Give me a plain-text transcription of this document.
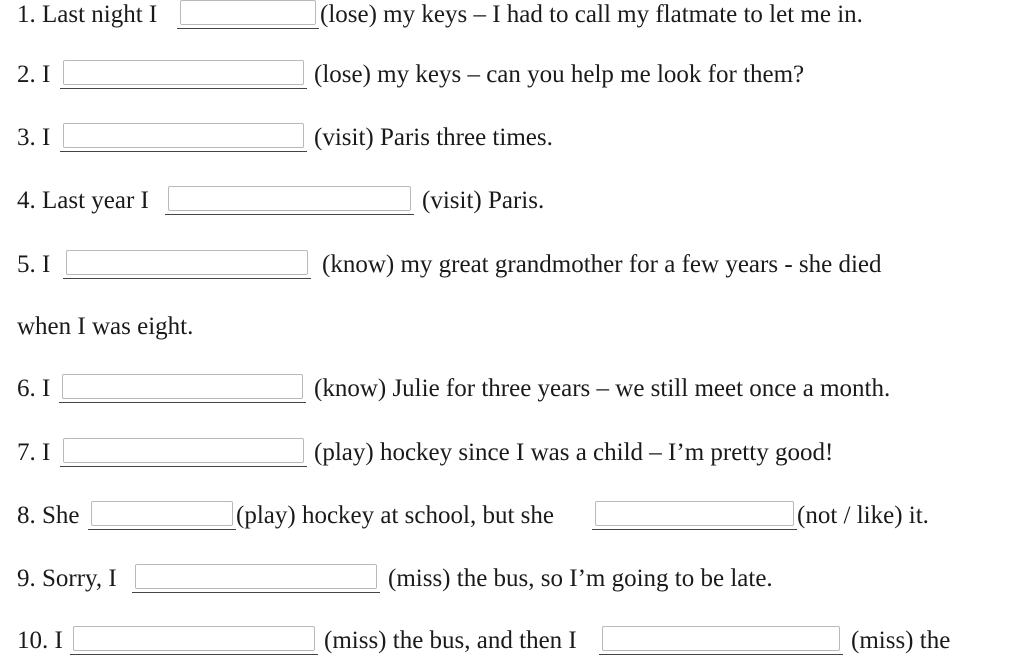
1. Last night I	(lose) my keys – I had to call my flatmate to let me in.
2. I	(lose) my keys – can you help me look for them?
3. I	(visit) Paris three times.
4. Last year I	(visit) Paris.
5. I	(know) my great grandmother for a few years - she died
when I was eight.
6. I	(know) Julie for three years – we still meet once a month.
7. I	(play) hockey since I was a child – I’m pretty good!
8. She	(play) hockey at school, but she	(not / like) it.
9. Sorry, I	(miss) the bus, so I’m going to be late.
10. I	(miss) the bus, and then I	(miss) the
